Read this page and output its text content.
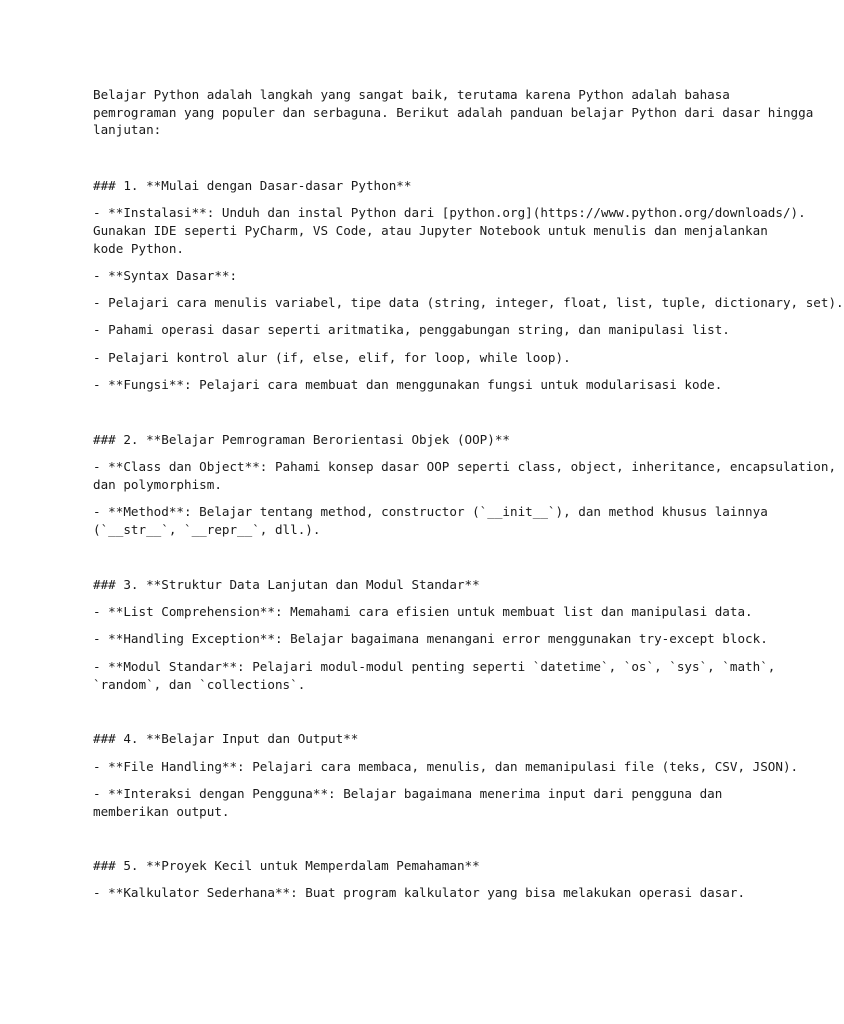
Belajar Python adalah langkah yang sangat baik, terutama karena Python adalah bahasa
pemrograman yang populer dan serbaguna. Berikut adalah panduan belajar Python dari dasar hingga
lanjutan:
### 1. **Mulai dengan Dasar-dasar Python**
- **Instalasi**: Unduh dan instal Python dari [python.org](https://www.python.org/downloads/).
Gunakan IDE seperti PyCharm, VS Code, atau Jupyter Notebook untuk menulis dan menjalankan
kode Python.
- **Syntax Dasar**:
- Pelajari cara menulis variabel, tipe data (string, integer, float, list, tuple, dictionary, set).
- Pahami operasi dasar seperti aritmatika, penggabungan string, dan manipulasi list.
- Pelajari kontrol alur (if, else, elif, for loop, while loop).
- **Fungsi**: Pelajari cara membuat dan menggunakan fungsi untuk modularisasi kode.
### 2. **Belajar Pemrograman Berorientasi Objek (OOP)**
- **Class dan Object**: Pahami konsep dasar OOP seperti class, object, inheritance, encapsulation,
dan polymorphism.
- **Method**: Belajar tentang method, constructor (`__init__`), dan method khusus lainnya
(`__str__`, `__repr__`, dll.).
### 3. **Struktur Data Lanjutan dan Modul Standar**
- **List Comprehension**: Memahami cara efisien untuk membuat list dan manipulasi data.
- **Handling Exception**: Belajar bagaimana menangani error menggunakan try-except block.
- **Modul Standar**: Pelajari modul-modul penting seperti `datetime`, `os`, `sys`, `math`,
`random`, dan `collections`.
### 4. **Belajar Input dan Output**
- **File Handling**: Pelajari cara membaca, menulis, dan memanipulasi file (teks, CSV, JSON).
- **Interaksi dengan Pengguna**: Belajar bagaimana menerima input dari pengguna dan
memberikan output.
### 5. **Proyek Kecil untuk Memperdalam Pemahaman**
- **Kalkulator Sederhana**: Buat program kalkulator yang bisa melakukan operasi dasar.
